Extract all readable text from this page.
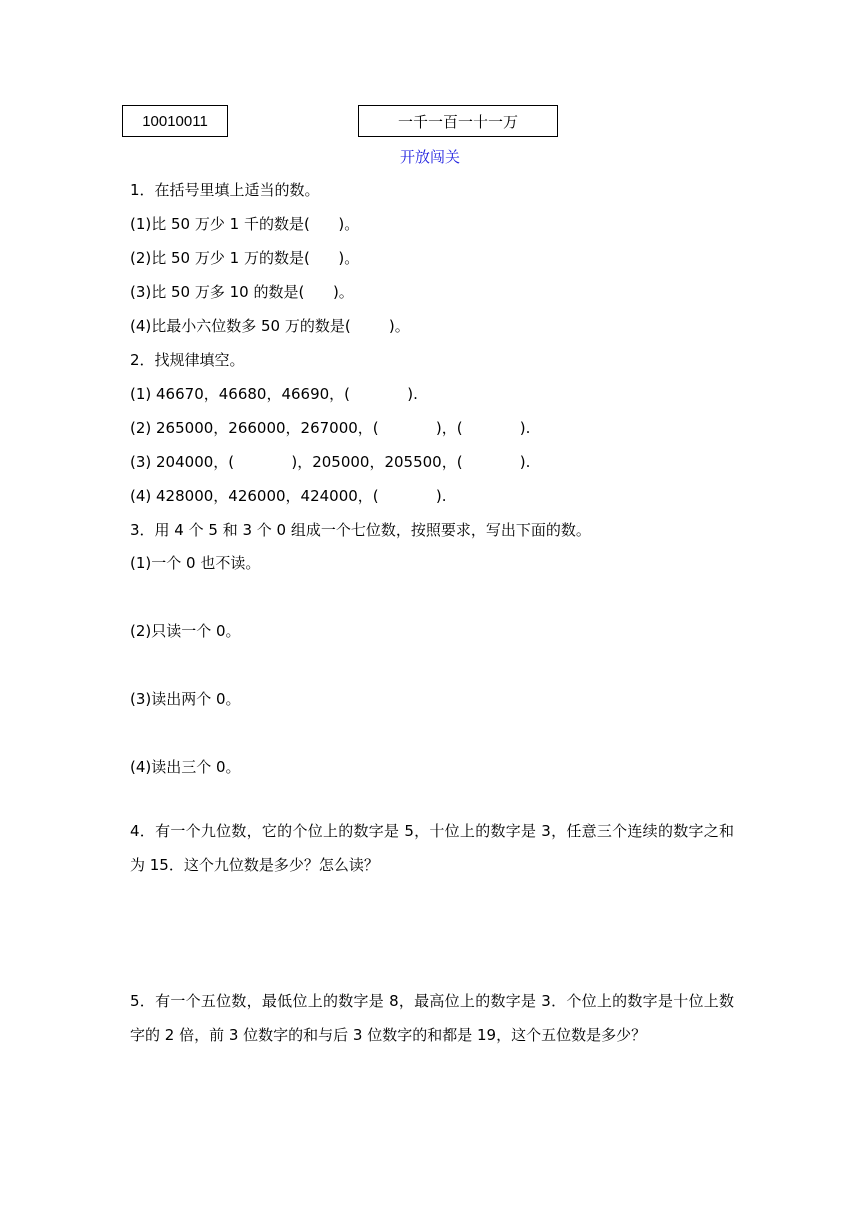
10010011	一千一百一十一万
开放闯关
1．在括号里填上适当的数。
(1)比 50 万少 1 千的数是(      )。
(2)比 50 万少 1 万的数是(      )。
(3)比 50 万多 10 的数是(      )。
(4)比最小六位数多 50 万的数是(        )。
2．找规律填空。
(1) 46670，46680，46690，(            ).
(2) 265000，266000，267000，(            )，(            ).
(3) 204000，(            )，205000，205500，(            ).
(4) 428000，426000，424000，(            ).
3．用 4 个 5 和 3 个 0 组成一个七位数，按照要求，写出下面的数。
(1)一个 0 也不读。
(2)只读一个 0。
(3)读出两个 0。
(4)读出三个 0。
4．有一个九位数，它的个位上的数字是 5，十位上的数字是 3，任意三个连续的数字之和为 15．这个九位数是多少？怎么读？
5．有一个五位数，最低位上的数字是 8，最高位上的数字是 3．个位上的数字是十位上数字的 2 倍，前 3 位数字的和与后 3 位数字的和都是 19，这个五位数是多少？
